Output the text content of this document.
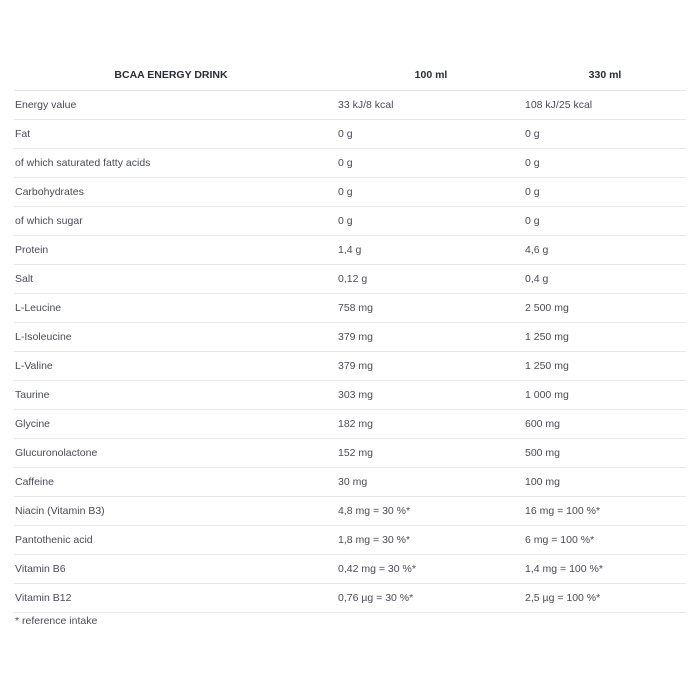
BCAA ENERGY DRINK	100 ml	330 ml
Energy value	33 kJ/8 kcal	108 kJ/25 kcal
Fat	0 g	0 g
of which saturated fatty acids	0 g	0 g
Carbohydrates	0 g	0 g
of which sugar	0 g	0 g
Protein	1,4 g	4,6 g
Salt	0,12 g	0,4 g
L-Leucine	758 mg	2 500 mg
L-Isoleucine	379 mg	1 250 mg
L-Valine	379 mg	1 250 mg
Taurine	303 mg	1 000 mg
Glycine	182 mg	600 mg
Glucuronolactone	152 mg	500 mg
Caffeine	30 mg	100 mg
Niacin (Vitamin B3)	4,8 mg = 30 %*	16 mg = 100 %*
Pantothenic acid	1,8 mg = 30 %*	6 mg = 100 %*
Vitamin B6	0,42 mg = 30 %*	1,4 mg = 100 %*
Vitamin B12	0,76 µg = 30 %*	2,5 µg = 100 %*
* reference intake
